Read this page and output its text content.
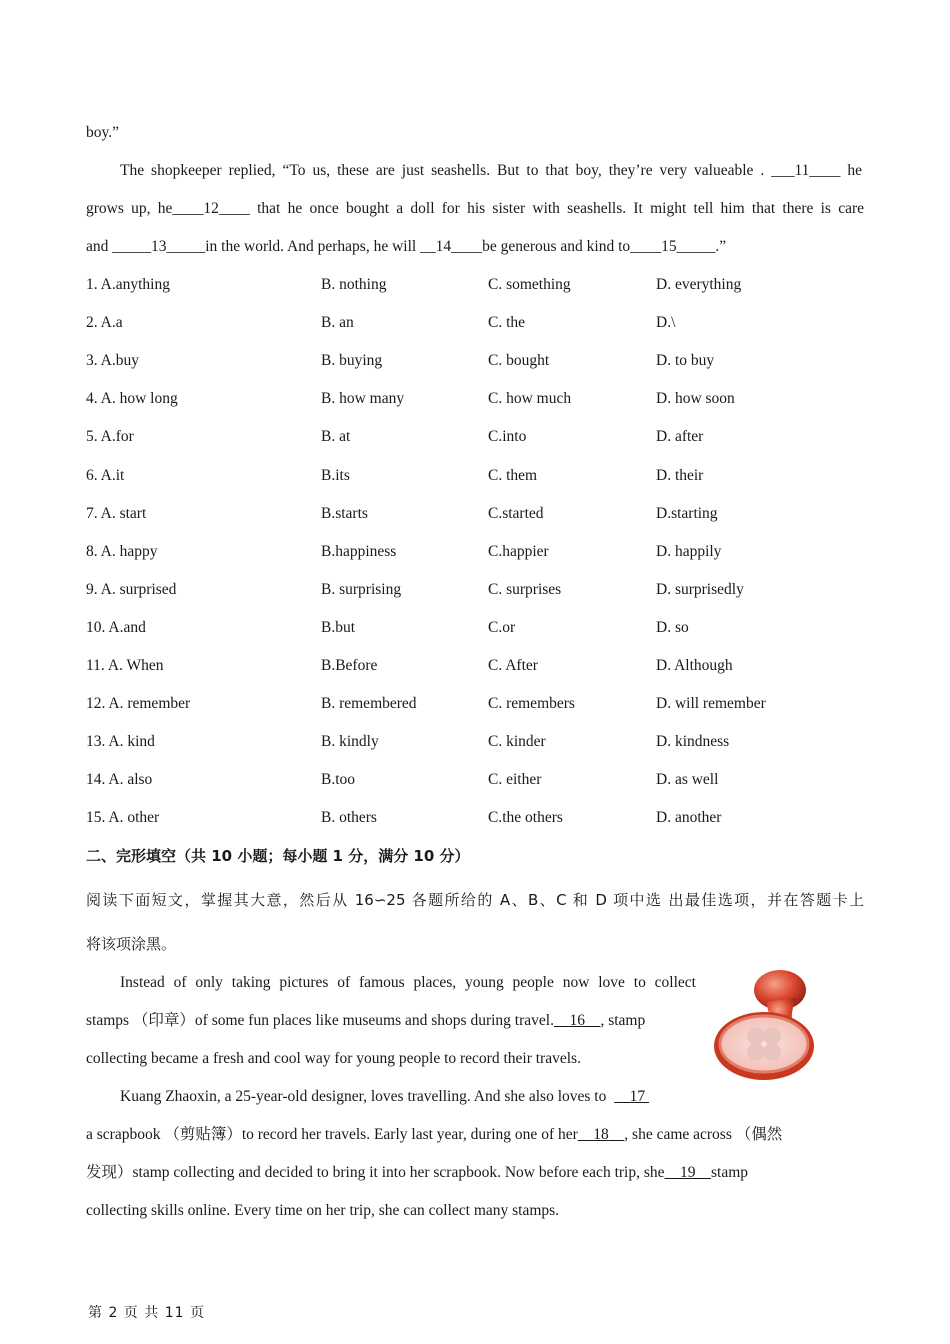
boy.”
The shopkeeper replied, “To us, these are just seashells. But to that boy, they’re very valueable . ___11____ he
grows up, he____12____ that he once bought a doll for his sister with seashells. It might tell him that there is care
and _____13_____in the world. And perhaps, he will __14____be generous and kind to____15_____.”
1. A.anything	B. nothing	C. something	D. everything
2. A.a	B. an	C. the	D.\
3. A.buy	B. buying	C. bought	D. to buy
4. A. how long	B. how many	C. how much	D. how soon
5. A.for	B. at	C.into	D. after
6. A.it	B.its	C. them	D. their
7. A. start	B.starts	C.started	D.starting
8. A. happy	B.happiness	C.happier	D. happily
9. A. surprised	B. surprising	C. surprises	D. surprisedly
10. A.and	B.but	C.or	D. so
11. A. When	B.Before	C. After	D. Although
12. A. remember	B. remembered	C. remembers	D. will remember
13. A. kind	B. kindly	C. kinder	D. kindness
14. A. also	B.too	C. either	D. as well
15. A. other	B. others	C.the others	D. another
二、完形填空（共 10 小题；每小题 1 分，满分 10 分）
阅读下面短文，掌握其大意，然后从 16∽25 各题所给的 A、B、C 和 D 项中选 出最佳选项，并在答题卡上
将该项涂黑。
Instead of only taking pictures of famous places, young people now love to collect
stamps （印章）of some fun places like museums and shops during travel. 16 , stamp
collecting became a fresh and cool way for young people to record their travels.
Kuang Zhaoxin, a 25-year-old designer, loves travelling. And she also loves to 17
a scrapbook （剪贴簿）to record her travels. Early last year, during one of her 18 , she came across （偶然
发现）stamp collecting and decided to bring it into her scrapbook. Now before each trip, she 19 stamp
collecting skills online. Every time on her trip, she can collect many stamps.
第 2 页 共 11 页
